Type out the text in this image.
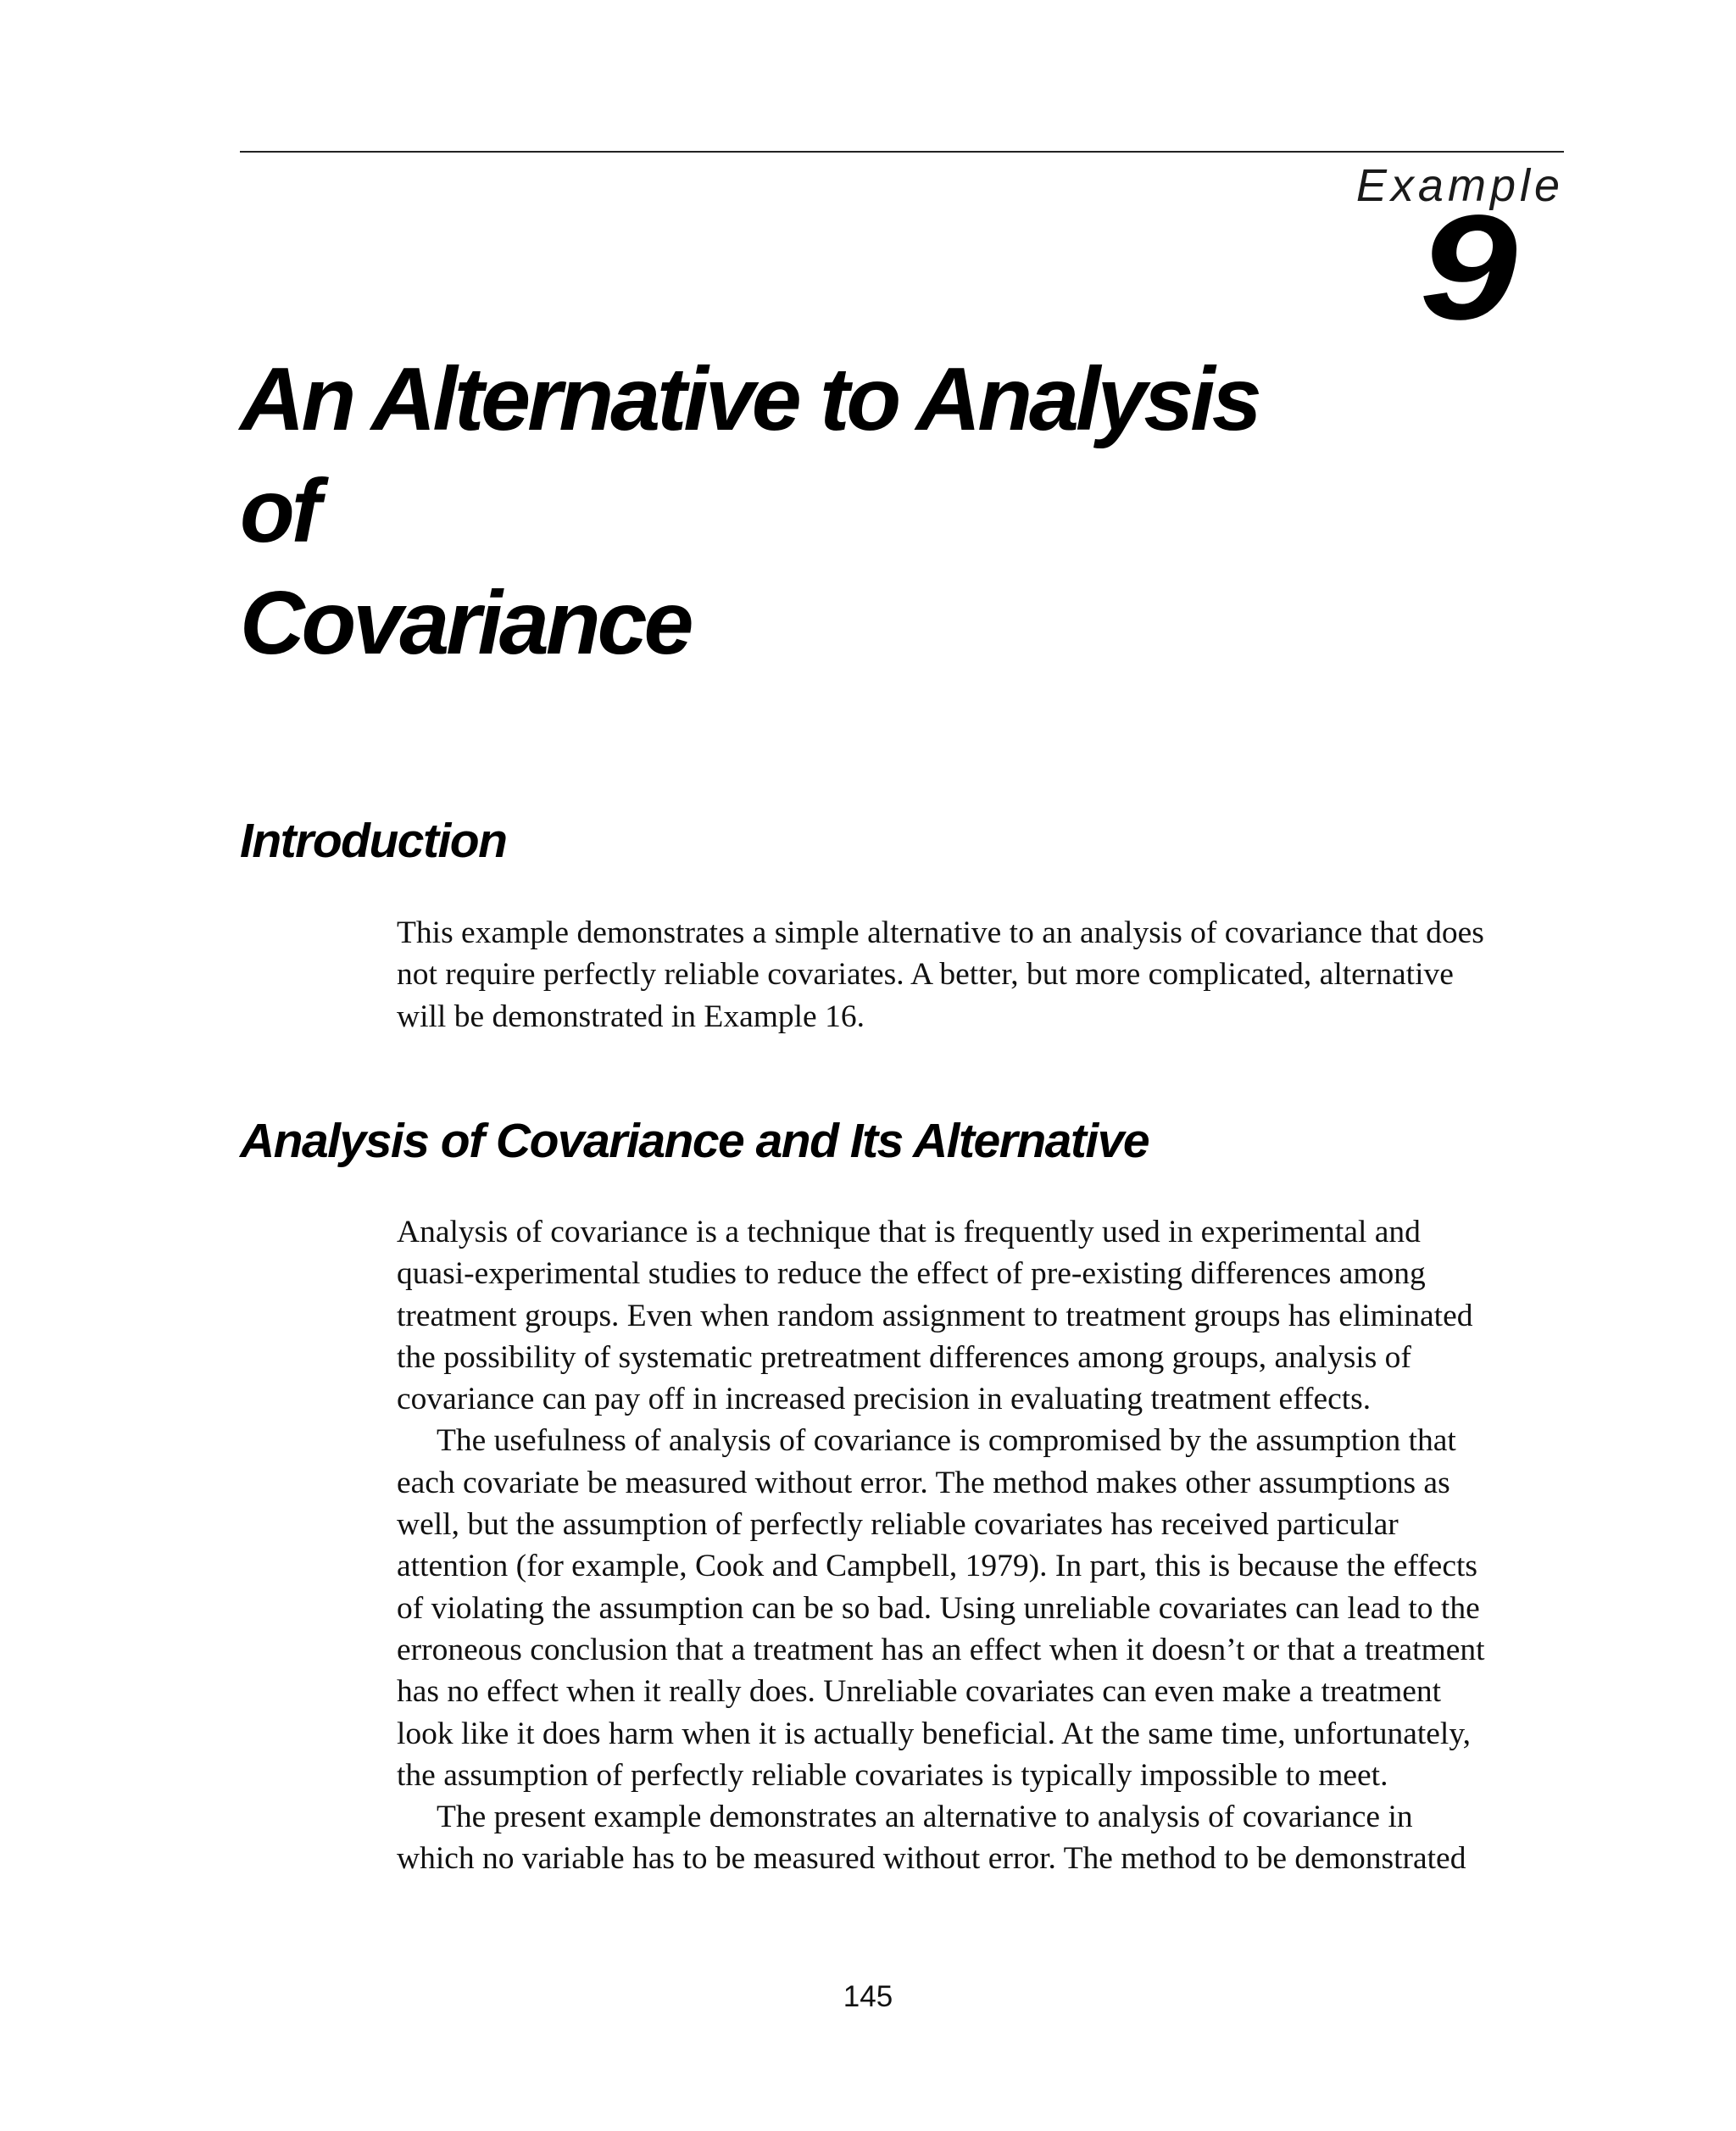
Example
9
An Alternative to Analysis of
Covariance
Introduction

This example demonstrates a simple alternative to an analysis of covariance that does
not require perfectly reliable covariates. A better, but more complicated, alternative
will be demonstrated in Example 16.

Analysis of Covariance and Its Alternative
Analysis of covariance is a technique that is frequently used in experimental and
quasi-experimental studies to reduce the effect of pre-existing differences among
treatment groups. Even when random assignment to treatment groups has eliminated
the possibility of systematic pretreatment differences among groups, analysis of
covariance can pay off in increased precision in evaluating treatment effects.
The usefulness of analysis of covariance is compromised by the assumption that
each covariate be measured without error. The method makes other assumptions as
well, but the assumption of perfectly reliable covariates has received particular
attention (for example, Cook and Campbell, 1979). In part, this is because the effects
of violating the assumption can be so bad. Using unreliable covariates can lead to the
erroneous conclusion that a treatment has an effect when it doesn’t or that a treatment
has no effect when it really does. Unreliable covariates can even make a treatment
look like it does harm when it is actually beneficial. At the same time, unfortunately,
the assumption of perfectly reliable covariates is typically impossible to meet.
The present example demonstrates an alternative to analysis of covariance in
which no variable has to be measured without error. The method to be demonstrated
145
